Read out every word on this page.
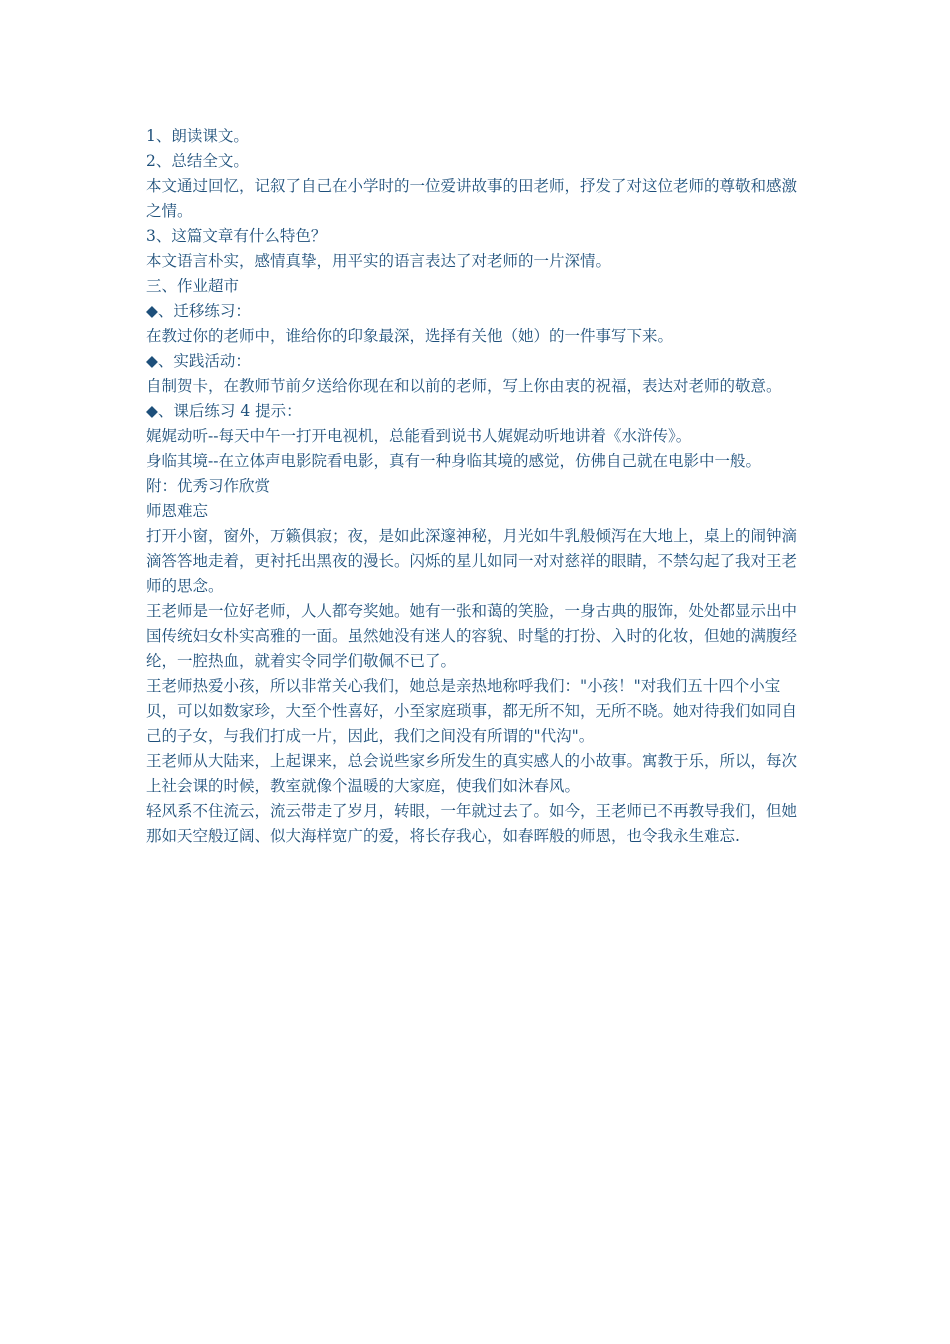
1、朗读课文。

2、总结全文。

本文通过回忆，记叙了自己在小学时的一位爱讲故事的田老师，抒发了对这位老师的尊敬和感激之情。

3、这篇文章有什么特色？

本文语言朴实，感情真挚，用平实的语言表达了对老师的一片深情。

三、作业超市

◆、迁移练习：

在教过你的老师中，谁给你的印象最深，选择有关他（她）的一件事写下来。

◆、实践活动：

自制贺卡，在教师节前夕送给你现在和以前的老师，写上你由衷的祝福，表达对老师的敬意。

◆、课后练习 4 提示：

娓娓动听--每天中午一打开电视机，总能看到说书人娓娓动听地讲着《水浒传》。

身临其境--在立体声电影院看电影，真有一种身临其境的感觉，仿佛自己就在电影中一般。

附：优秀习作欣赏

师恩难忘

打开小窗，窗外，万籁俱寂；夜，是如此深邃神秘，月光如牛乳般倾泻在大地上，桌上的闹钟滴滴答答地走着，更衬托出黑夜的漫长。闪烁的星儿如同一对对慈祥的眼睛，不禁勾起了我对王老师的思念。

王老师是一位好老师，人人都夸奖她。她有一张和蔼的笑脸，一身古典的服饰，处处都显示出中国传统妇女朴实高雅的一面。虽然她没有迷人的容貌、时髦的打扮、入时的化妆，但她的满腹经纶，一腔热血，就着实令同学们敬佩不已了。

王老师热爱小孩，所以非常关心我们，她总是亲热地称呼我们："小孩！"对我们五十四个小宝贝，可以如数家珍，大至个性喜好，小至家庭琐事，都无所不知，无所不晓。她对待我们如同自己的子女，与我们打成一片，因此，我们之间没有所谓的"代沟"。

王老师从大陆来，上起课来，总会说些家乡所发生的真实感人的小故事。寓教于乐，所以，每次上社会课的时候，教室就像个温暖的大家庭，使我们如沐春风。

轻风系不住流云，流云带走了岁月，转眼，一年就过去了。如今，王老师已不再教导我们，但她那如天空般辽阔、似大海样宽广的爱，将长存我心，如春晖般的师恩，也令我永生难忘.
